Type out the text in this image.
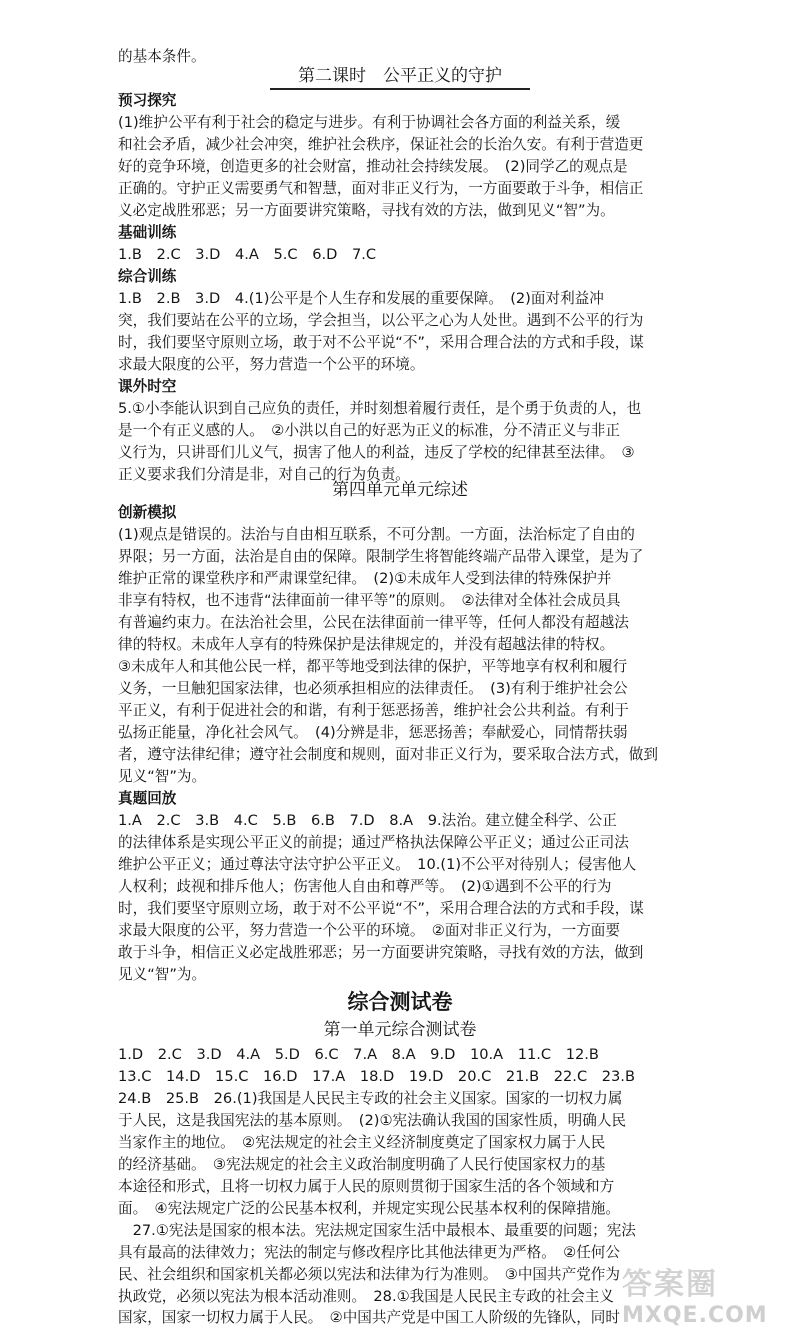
的基本条件。
第二课时　公平正义的守护
预习探究
(1)维护公平有利于社会的稳定与进步。有利于协调社会各方面的利益关系，缓
和社会矛盾，减少社会冲突，维护社会秩序，保证社会的长治久安。有利于营造更
好的竞争环境，创造更多的社会财富，推动社会持续发展。　(2)同学乙的观点是
正确的。守护正义需要勇气和智慧，面对非正义行为，一方面要敢于斗争，相信正
义必定战胜邪恶；另一方面要讲究策略，寻找有效的方法，做到见义“智”为。
基础训练
1.B　2.C　3.D　4.A　5.C　6.D　7.C
综合训练
1.B　2.B　3.D　4.(1)公平是个人生存和发展的重要保障。　(2)面对利益冲
突，我们要站在公平的立场，学会担当，以公平之心为人处世。遇到不公平的行为
时，我们要坚守原则立场，敢于对不公平说“不”，采用合理合法的方式和手段，谋
求最大限度的公平，努力营造一个公平的环境。
课外时空
5.①小李能认识到自己应负的责任，并时刻想着履行责任，是个勇于负责的人，也
是一个有正义感的人。　②小洪以自己的好恶为正义的标准，分不清正义与非正
义行为，只讲哥们儿义气，损害了他人的利益，违反了学校的纪律甚至法律。　③
正义要求我们分清是非，对自己的行为负责。
第四单元单元综述
创新模拟
(1)观点是错误的。法治与自由相互联系，不可分割。一方面，法治标定了自由的
界限；另一方面，法治是自由的保障。限制学生将智能终端产品带入课堂，是为了
维护正常的课堂秩序和严肃课堂纪律。　(2)①未成年人受到法律的特殊保护并
非享有特权，也不违背“法律面前一律平等”的原则。　②法律对全体社会成员具
有普遍约束力。在法治社会里，公民在法律面前一律平等，任何人都没有超越法
律的特权。未成年人享有的特殊保护是法律规定的，并没有超越法律的特权。
③未成年人和其他公民一样，都平等地受到法律的保护，平等地享有权利和履行
义务，一旦触犯国家法律，也必须承担相应的法律责任。　(3)有利于维护社会公
平正义，有利于促进社会的和谐，有利于惩恶扬善，维护社会公共利益。有利于
弘扬正能量，净化社会风气。　(4)分辨是非，惩恶扬善；奉献爱心，同情帮扶弱
者，遵守法律纪律；遵守社会制度和规则，面对非正义行为，要采取合法方式，做到
见义“智”为。
真题回放
1.A　2.C　3.B　4.C　5.B　6.B　7.D　8.A　9.法治。建立健全科学、公正
的法律体系是实现公平正义的前提；通过严格执法保障公平正义；通过公正司法
维护公平正义；通过尊法守法守护公平正义。　10.(1)不公平对待别人；侵害他人
人权利；歧视和排斥他人；伤害他人自由和尊严等。　(2)①遇到不公平的行为
时，我们要坚守原则立场，敢于对不公平说“不”，采用合理合法的方式和手段，谋
求最大限度的公平，努力营造一个公平的环境。　②面对非正义行为，一方面要
敢于斗争，相信正义必定战胜邪恶；另一方面要讲究策略，寻找有效的方法，做到
见义“智”为。
综合测试卷
第一单元综合测试卷
1.D　2.C　3.D　4.A　5.D　6.C　7.A　8.A　9.D　10.A　11.C　12.B
13.C　14.D　15.C　16.D　17.A　18.D　19.D　20.C　21.B　22.C　23.B
24.B　25.B　26.(1)我国是人民民主专政的社会主义国家。国家的一切权力属
于人民，这是我国宪法的基本原则。　(2)①宪法确认我国的国家性质，明确人民
当家作主的地位。　②宪法规定的社会主义经济制度奠定了国家权力属于人民
的经济基础。　③宪法规定的社会主义政治制度明确了人民行使国家权力的基
本途径和形式，且将一切权力属于人民的原则贯彻于国家生活的各个领域和方
面。　④宪法规定广泛的公民基本权利，并规定实现公民基本权利的保障措施。
　27.①宪法是国家的根本法。宪法规定国家生活中最根本、最重要的问题；宪法
具有最高的法律效力；宪法的制定与修改程序比其他法律更为严格。　②任何公
民、社会组织和国家机关都必须以宪法和法律为行为准则。　③中国共产党作为
执政党，必须以宪法为根本活动准则。　28.①我国是人民民主专政的社会主义
国家，国家一切权力属于人民。　②中国共产党是中国工人阶级的先锋队，同时
答案圈
MXQE.COM
